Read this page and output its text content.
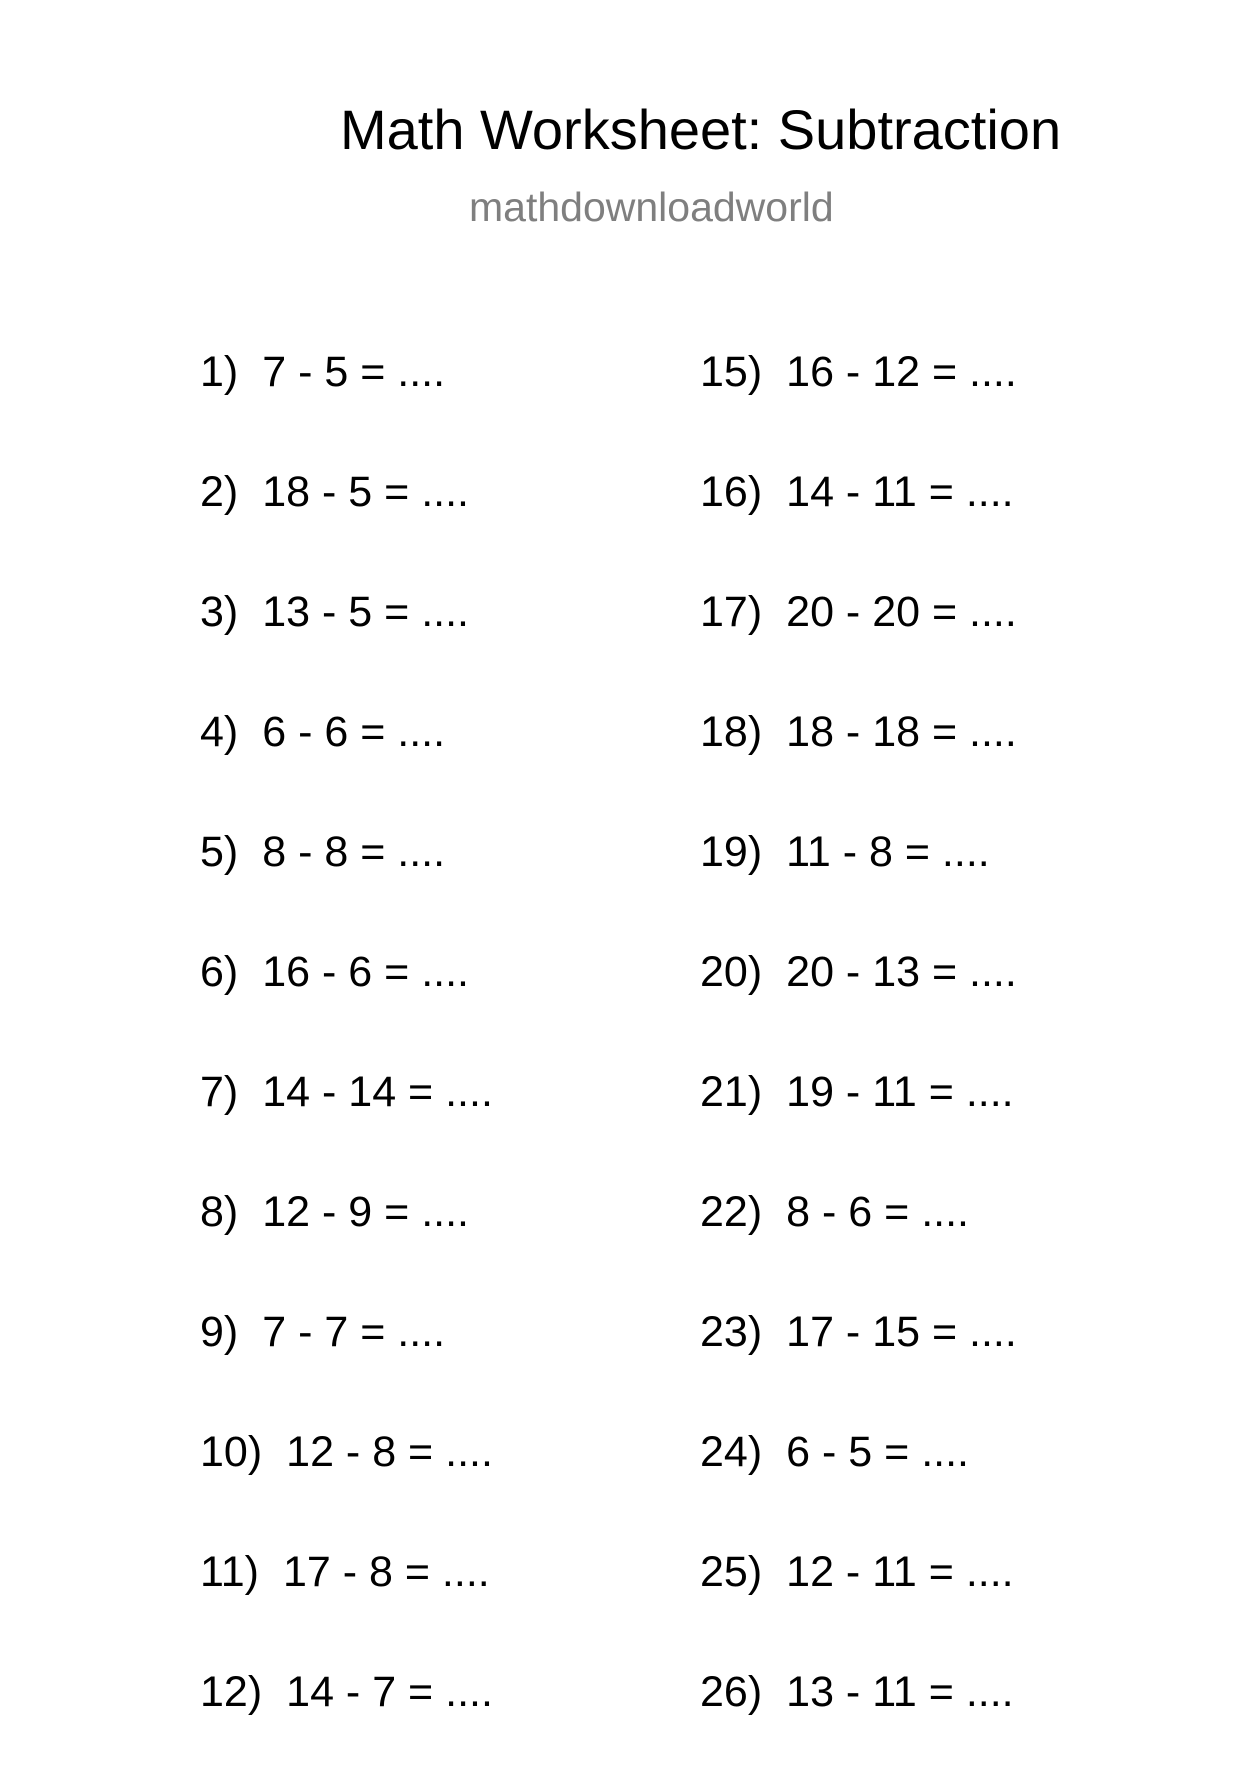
Math Worksheet: Subtraction
mathdownloadworld
1) 7 - 5 = ....
2) 18 - 5 = ....
3) 13 - 5 = ....
4) 6 - 6 = ....
5) 8 - 8 = ....
6) 16 - 6 = ....
7) 14 - 14 = ....
8) 12 - 9 = ....
9) 7 - 7 = ....
10) 12 - 8 = ....
11) 17 - 8 = ....
12) 14 - 7 = ....
15) 16 - 12 = ....
16) 14 - 11 = ....
17) 20 - 20 = ....
18) 18 - 18 = ....
19) 11 - 8 = ....
20) 20 - 13 = ....
21) 19 - 11 = ....
22) 8 - 6 = ....
23) 17 - 15 = ....
24) 6 - 5 = ....
25) 12 - 11 = ....
26) 13 - 11 = ....
